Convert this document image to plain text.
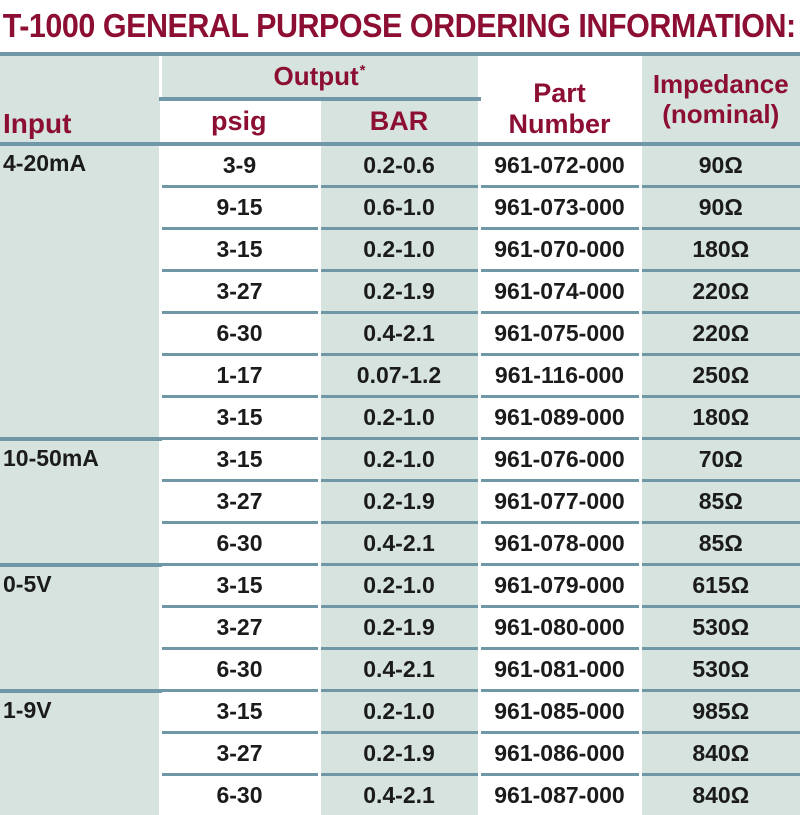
T-1000 GENERAL PURPOSE ORDERING INFORMATION:
Input	Output*		Part Number	Impedance
(nominal)
	psig	BAR		
4-20mA	3-9	0.2-0.6	961-072-000	90Ω
	9-15	0.6-1.0	961-073-000	90Ω
	3-15	0.2-1.0	961-070-000	180Ω
	3-27	0.2-1.9	961-074-000	220Ω
	6-30	0.4-2.1	961-075-000	220Ω
	1-17	0.07-1.2	961-116-000	250Ω
	3-15	0.2-1.0	961-089-000	180Ω
10-50mA	3-15	0.2-1.0	961-076-000	70Ω
	3-27	0.2-1.9	961-077-000	85Ω
	6-30	0.4-2.1	961-078-000	85Ω
0-5V	3-15	0.2-1.0	961-079-000	615Ω
	3-27	0.2-1.9	961-080-000	530Ω
	6-30	0.4-2.1	961-081-000	530Ω
1-9V	3-15	0.2-1.0	961-085-000	985Ω
	3-27	0.2-1.9	961-086-000	840Ω
	6-30	0.4-2.1	961-087-000	840Ω
